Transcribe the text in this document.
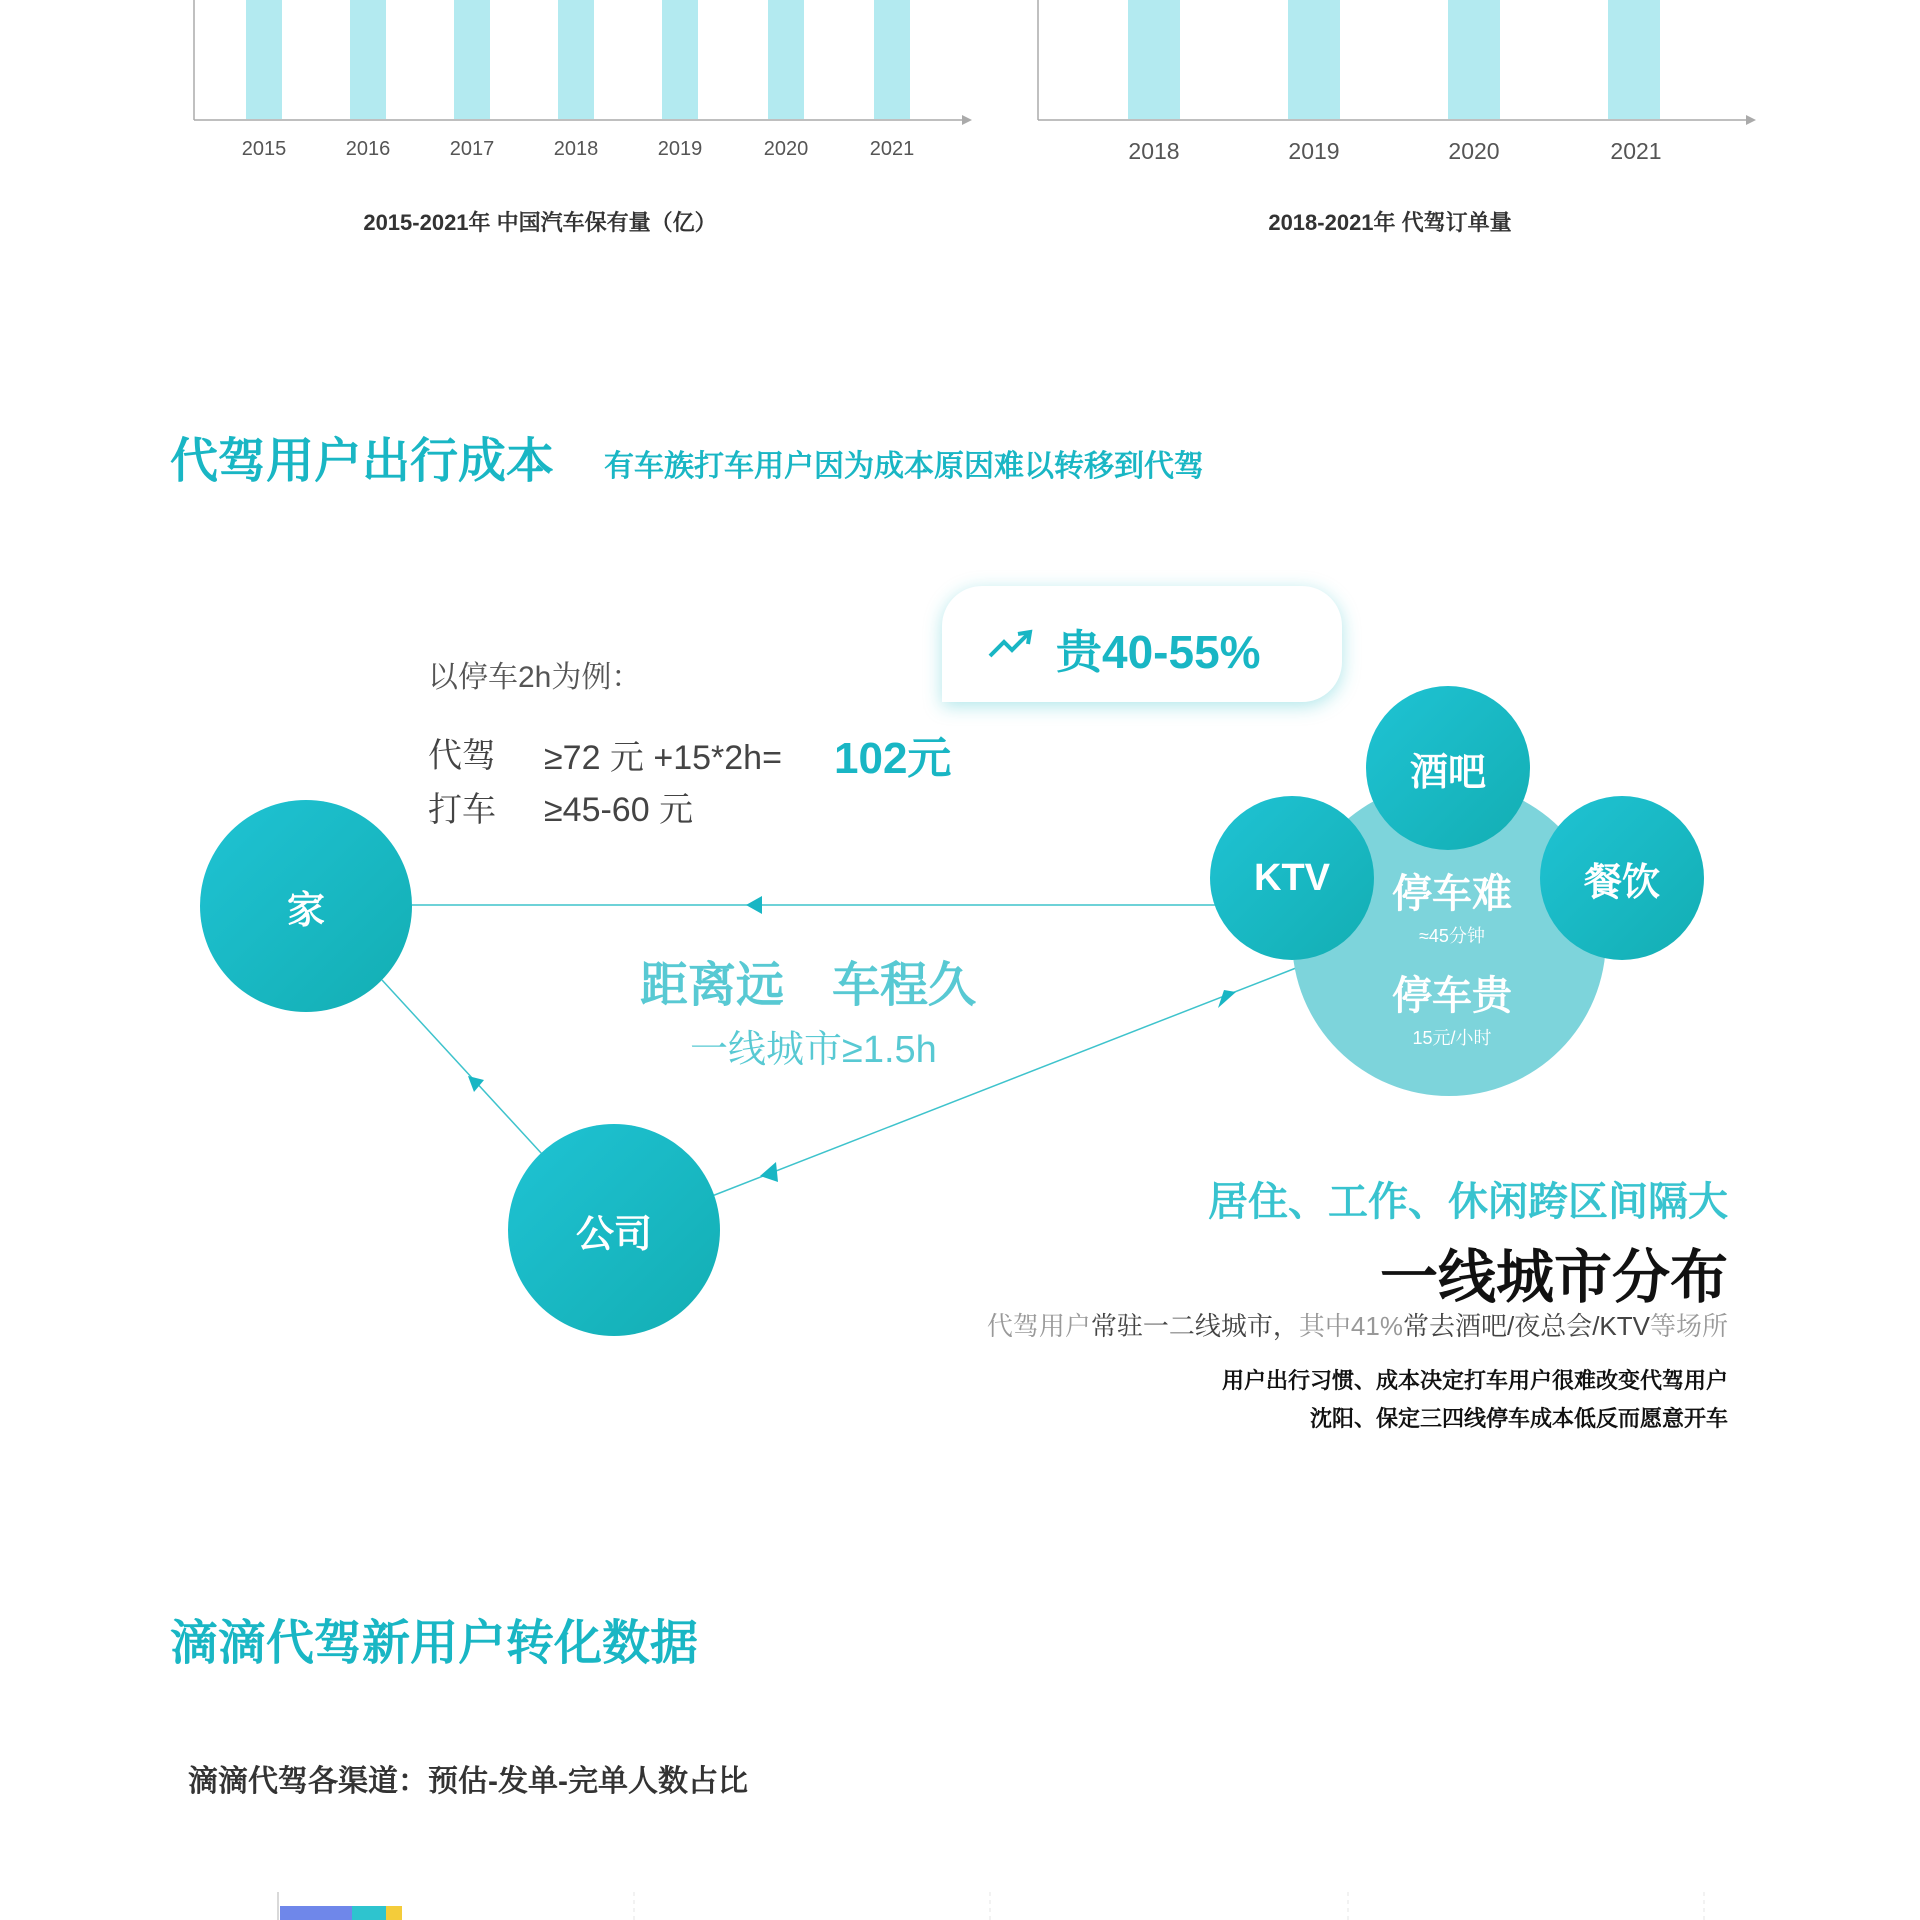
2015	2016	2017	2018	2019	2020	2021
2015-2021年 中国汽车保有量（亿）
2018	2019	2020	2021
2018-2021年 代驾订单量
代驾用户出行成本 有车族打车用户因为成本原因难以转移到代驾
贵40-55%
以停车2h为例：
代驾 ≥72 元 +15*2h= 102元
打车 ≥45-60 元
家
公司
停车难
≈45分钟
停车贵
15元/小时
酒吧
KTV	餐饮
距离远　车程久
一线城市≥1.5h
居住、工作、休闲跨区间隔大
一线城市分布
代驾用户常驻一二线城市，其中41%常去酒吧/夜总会/KTV等场所
用户出行习惯、成本决定打车用户很难改变代驾用户
沈阳、保定三四线停车成本低反而愿意开车
滴滴代驾新用户转化数据
滴滴代驾各渠道：预估-发单-完单人数占比
